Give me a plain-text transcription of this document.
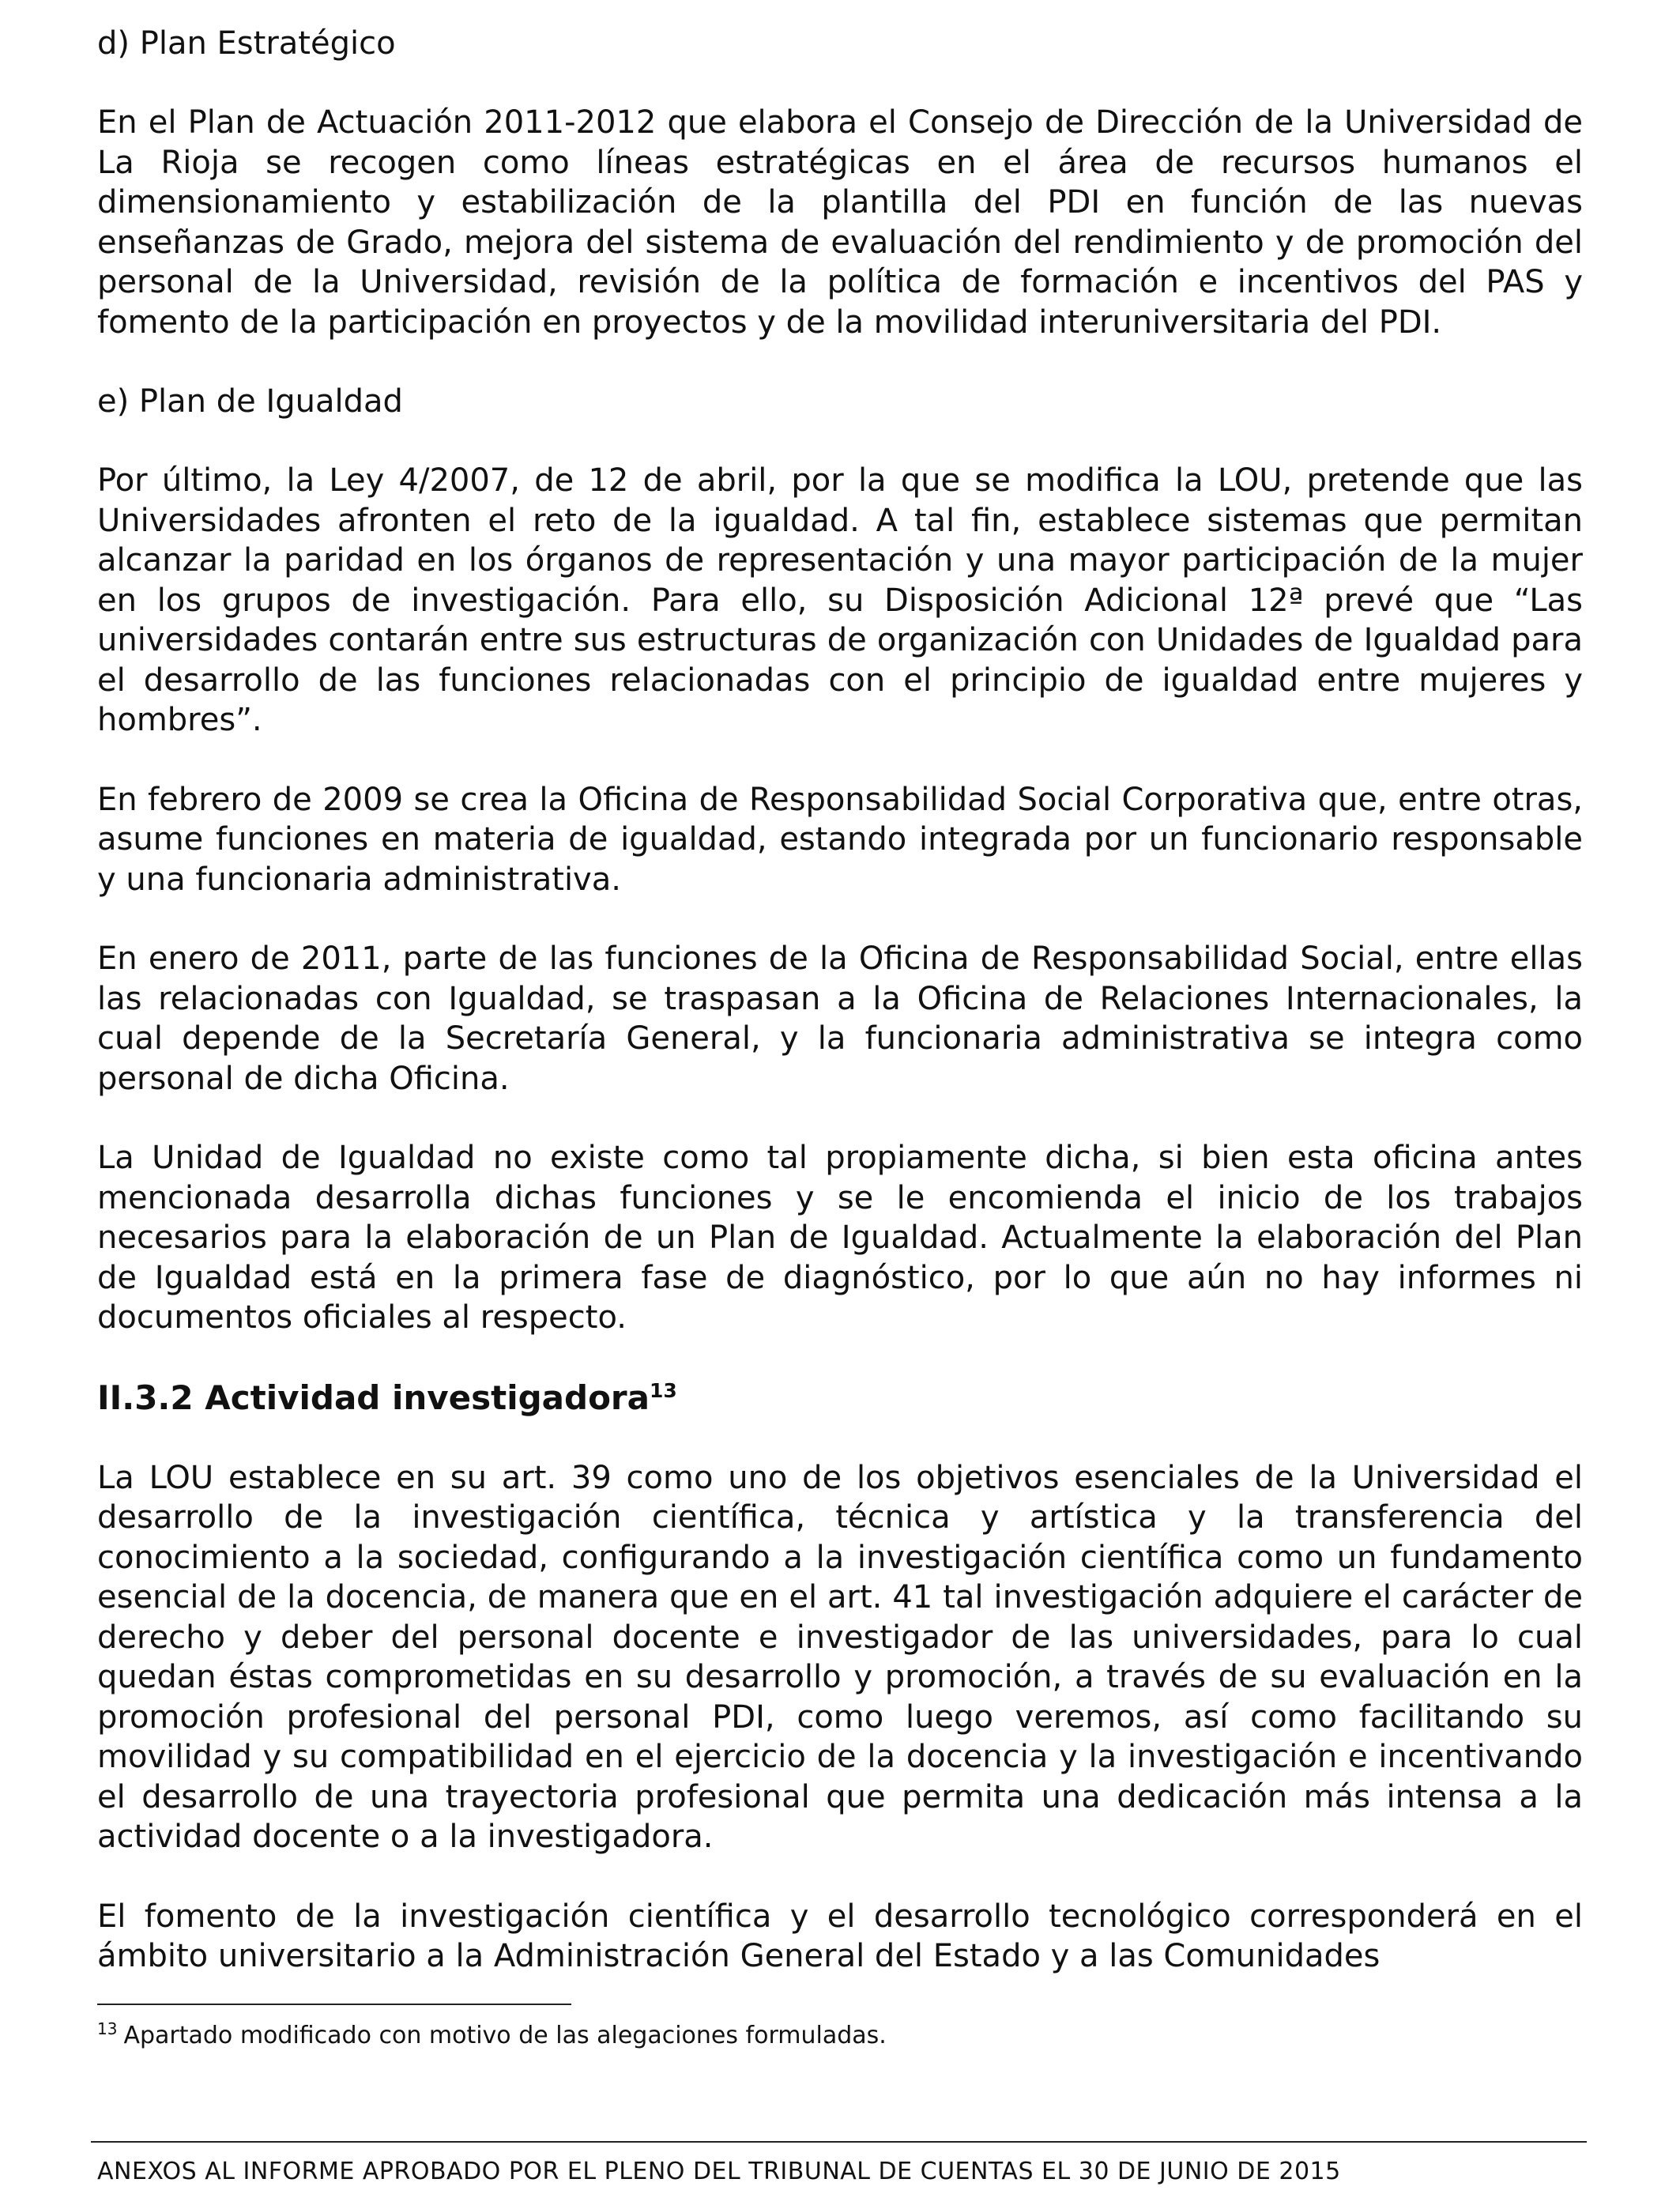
d) Plan Estratégico

En el Plan de Actuación 2011-2012 que elabora el Consejo de Dirección de la Universidad de La Rioja se recogen como líneas estratégicas en el área de recursos humanos el dimensionamiento y estabilización de la plantilla del PDI en función de las nuevas enseñanzas de Grado, mejora del sistema de evaluación del rendimiento y de promoción del personal de la Universidad, revisión de la política de formación e incentivos del PAS y fomento de la participación en proyectos y de la movilidad interuniversitaria del PDI.

e) Plan de Igualdad

Por último, la Ley 4/2007, de 12 de abril, por la que se modifica la LOU, pretende que las Universidades afronten el reto de la igualdad. A tal fin, establece sistemas que permitan alcanzar la paridad en los órganos de representación y una mayor participación de la mujer en los grupos de investigación. Para ello, su Disposición Adicional 12ª prevé que “Las universidades contarán entre sus estructuras de organización con Unidades de Igualdad para el desarrollo de las funciones relacionadas con el principio de igualdad entre mujeres y hombres”.

En febrero de 2009 se crea la Oficina de Responsabilidad Social Corporativa que, entre otras, asume funciones en materia de igualdad, estando integrada por un funcionario responsable y una funcionaria administrativa.

En enero de 2011, parte de las funciones de la Oficina de Responsabilidad Social, entre ellas las relacionadas con Igualdad, se traspasan a la Oficina de Relaciones Internacionales, la cual depende de la Secretaría General, y la funcionaria administrativa se integra como personal de dicha Oficina.

La Unidad de Igualdad no existe como tal propiamente dicha, si bien esta oficina antes mencionada desarrolla dichas funciones y se le encomienda el inicio de los trabajos necesarios para la elaboración de un Plan de Igualdad. Actualmente la elaboración del Plan de Igualdad está en la primera fase de diagnóstico, por lo que aún no hay informes ni documentos oficiales al respecto.

II.3.2 Actividad investigadora$^{13}$

La LOU establece en su art. 39 como uno de los objetivos esenciales de la Universidad el desarrollo de la investigación científica, técnica y artística y la transferencia del conocimiento a la sociedad, configurando a la investigación científica como un fundamento esencial de la docencia, de manera que en el art. 41 tal investigación adquiere el carácter de derecho y deber del personal docente e investigador de las universidades, para lo cual quedan éstas comprometidas en su desarrollo y promoción, a través de su evaluación en la promoción profesional del personal PDI, como luego veremos, así como facilitando su movilidad y su compatibilidad en el ejercicio de la docencia y la investigación e incentivando el desarrollo de una trayectoria profesional que permita una dedicación más intensa a la actividad docente o a la investigadora.

El fomento de la investigación científica y el desarrollo tecnológico corresponderá en el ámbito universitario a la Administración General del Estado y a las Comunidades

$^{13}$ Apartado modificado con motivo de las alegaciones formuladas.

ANEXOS AL INFORME APROBADO POR EL PLENO DEL TRIBUNAL DE CUENTAS EL 30 DE JUNIO DE 2015
